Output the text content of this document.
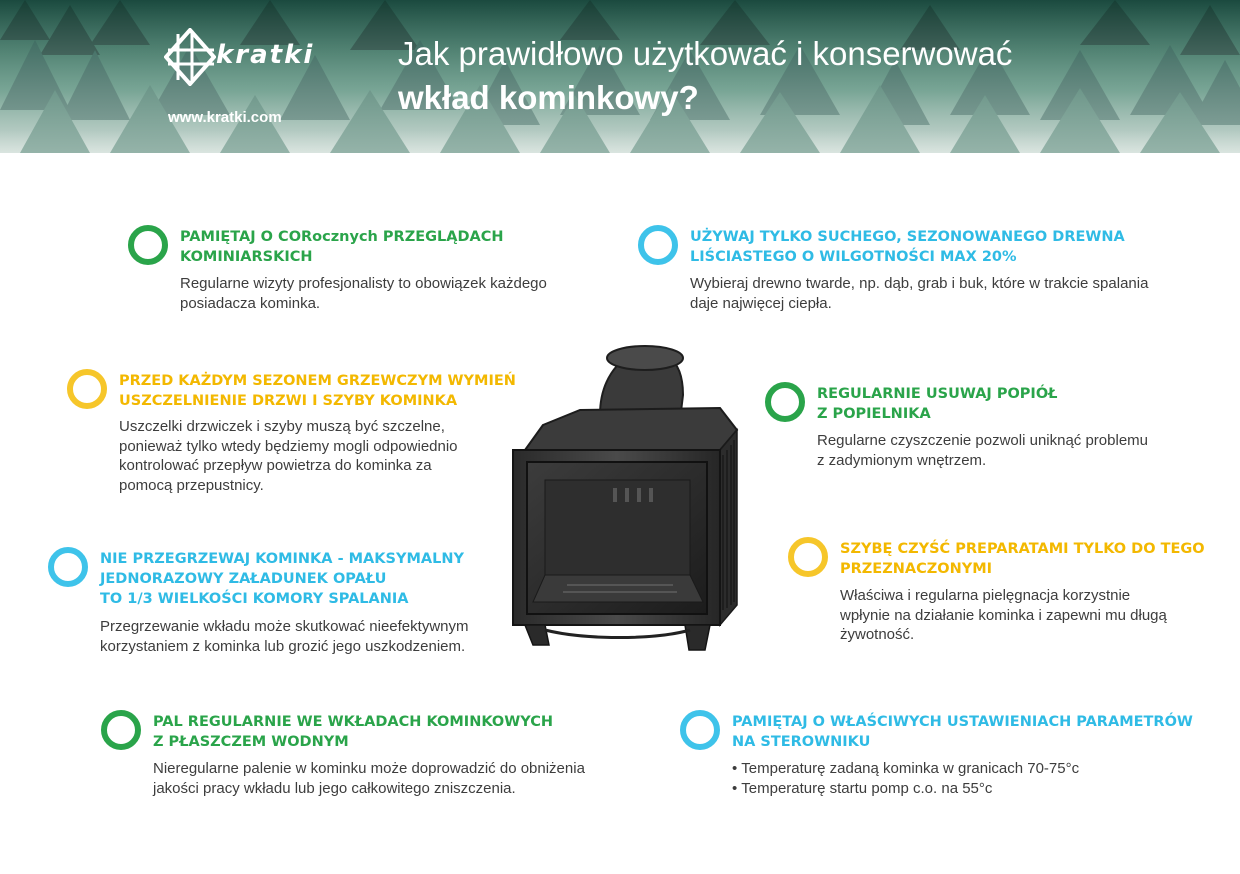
kratki
www.kratki.com
Jak prawidłowo użytkować i konserwować
wkład kominkowy?
PAMIĘTAJ O CORocznych PRZEGLĄDACH
KOMINIARSKICH
Regularne wizyty profesjonalisty to obowiązek każdego
posiadacza kominka.
UŻYWAJ TYLKO SUCHEGO, SEZONOWANEGO DREWNA
LIŚCIASTEGO O WILGOTNOŚCI MAX 20%
Wybieraj drewno twarde, np. dąb, grab i buk, które w trakcie spalania
daje najwięcej ciepła.
PRZED KAŻDYM SEZONEM GRZEWCZYM WYMIEŃ
USZCZELNIENIE DRZWI I SZYBY KOMINKA
Uszczelki drzwiczek i szyby muszą być szczelne,
ponieważ tylko wtedy będziemy mogli odpowiednio
kontrolować przepływ powietrza do kominka za
pomocą przepustnicy.
REGULARNIE USUWAJ POPIÓŁ
Z POPIELNIKA
Regularne czyszczenie pozwoli uniknąć problemu
z zadymionym wnętrzem.
NIE PRZEGRZEWAJ KOMINKA - MAKSYMALNY
JEDNORAZOWY ZAŁADUNEK OPAŁU
TO 1/3 WIELKOŚCI KOMORY SPALANIA
Przegrzewanie wkładu może skutkować nieefektywnym
korzystaniem z kominka lub grozić jego uszkodzeniem.
SZYBĘ CZYŚĆ PREPARATAMI TYLKO DO TEGO
PRZEZNACZONYMI
Właściwa i regularna pielęgnacja korzystnie
wpłynie na działanie kominka i zapewni mu długą
żywotność.
PAL REGULARNIE WE WKŁADACH KOMINKOWYCH
Z PŁASZCZEM WODNYM
Nieregularne palenie w kominku może doprowadzić do obniżenia
jakości pracy wkładu lub jego całkowitego zniszczenia.
PAMIĘTAJ O WŁAŚCIWYCH USTAWIENIACH PARAMETRÓW
NA STEROWNIKU
• Temperaturę zadaną kominka w granicach 70-75°c
• Temperaturę startu pomp c.o. na 55°c
